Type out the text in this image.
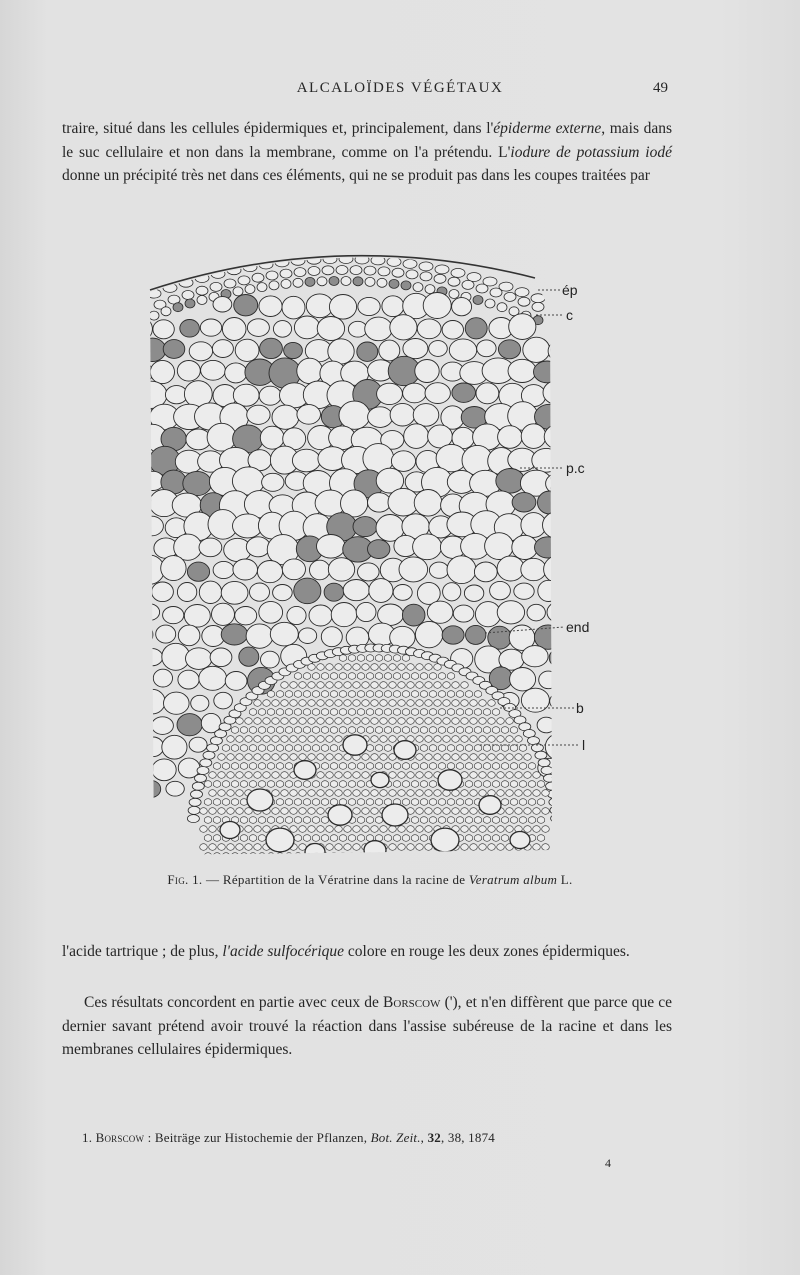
ALCALOÏDES VÉGÉTAUX	49

traire, situé dans les cellules épidermiques et, principalement, dans l'épiderme externe, mais dans le suc cellulaire et non dans la membrane, comme on l'a prétendu. L'iodure de potassium iodé donne un précipité très net dans ces éléments, qui ne se produit pas dans les coupes traitées par

ép
c
p.c
end
b
l
Fig. 1. — Répartition de la Vératrine dans la racine de Veratrum album L.

l'acide tartrique ; de plus, l'acide sulfocérique colore en rouge les deux zones épidermiques.

Ces résultats concordent en partie avec ceux de Borscow ('), et n'en diffèrent que parce que ce dernier savant prétend avoir trouvé la réaction dans l'assise subéreuse de la racine et dans les membranes cellulaires épidermiques.

1. Borscow : Beiträge zur Histochemie der Pflanzen, Bot. Zeit., 32, 38, 1874
4
